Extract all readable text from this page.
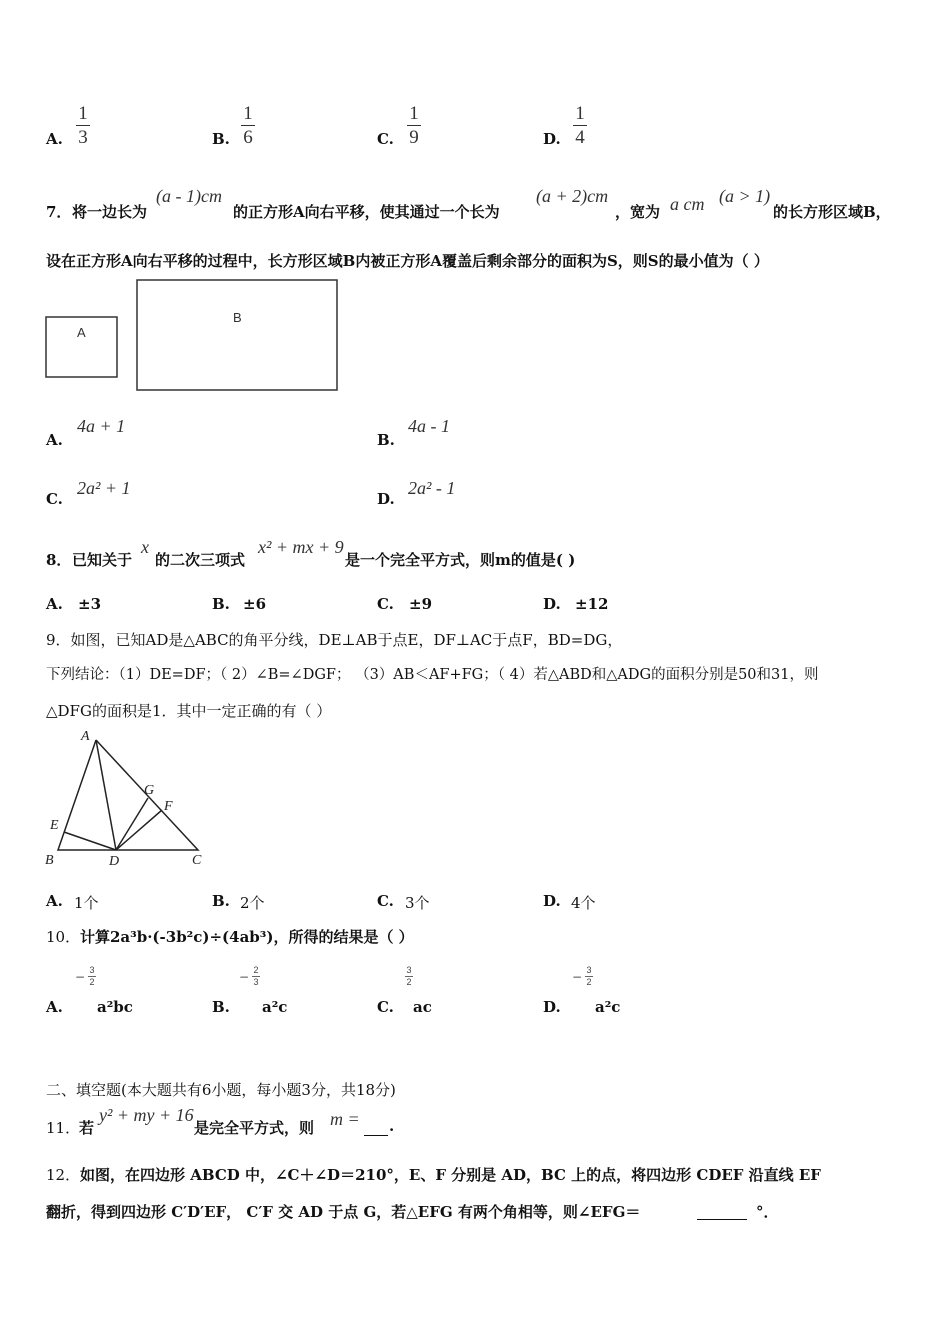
A.
1
3	B.
1
6	C.
1
9	D.
1
4
7． 将一边长为
(a - 1)cm
的正方形A向右平移，使其通过一个长为
(a + 2)cm
，宽为 a cm (a > 1)
的长方形区域B，
设在正方形A向右平移的过程中，长方形区域B内被正方形A覆盖后剩余部分的面积为S，则S的最小值为（ ）
A
B
A.
4a + 1
B.
4a - 1
C.
2a² + 1
D.
2a² - 1
8． 已知关于
x
的二次三项式
x² + mx + 9
是一个完全平方式，则m的值是( )
A. ±3	B. ±6	C. ±9	D. ±12
9．如图，已知AD是△ABC的角平分线，DE⊥AB于点E，DF⊥AC于点F，BD=DG，
下列结论：（1）DE=DF；（ 2）∠B=∠DGF； （3）AB＜AF+FG；（ 4）若△ABD和△ADG的面积分别是50和31，则
△DFG的面积是1．其中一定正确的有（ ）
A
B	C
D
E
F
G
A. 1个	B. 2个	C. 3个	D. 4个
10． 计算2a³b·(-3b²c)÷(4ab³)，所得的结果是（ ）
A.
− 3
2
a²bc	B.
− 2
3
a²c	C.
3
2
ac	D.
− 3
2
a²c
二、填空题(本大题共有6小题，每小题3分，共18分)
11．
若
y² + my + 16
是完全平方式，则 m =
.
12． 如图，在四边形 ABCD 中，∠C＋∠D＝210°，E、F 分别是 AD，BC 上的点，将四边形 CDEF 沿直线 EF
翻折，得到四边形 C′D′EF， C′F 交 AD 于点 G，若△EFG 有两个角相等，则∠EFG＝
	°．
